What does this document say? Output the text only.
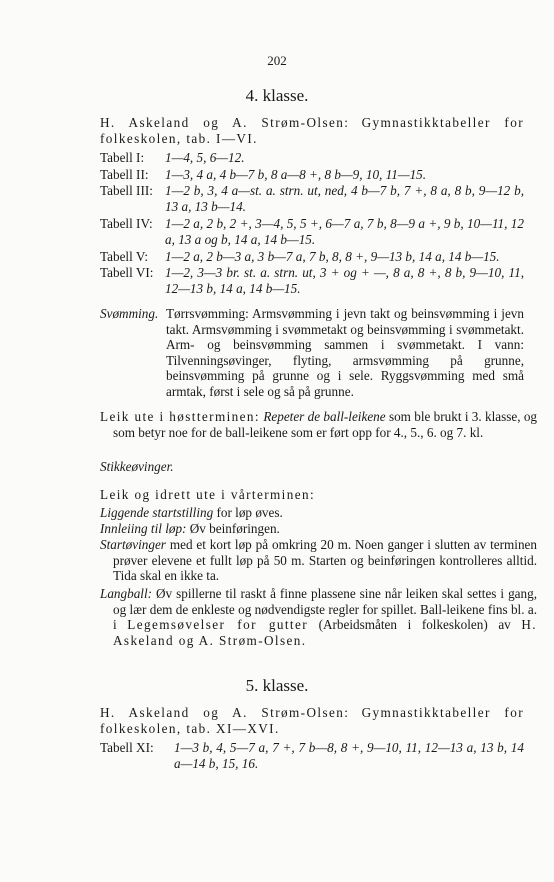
202
4. klasse.
H. Askeland og A. Strøm-Olsen: Gymnastikktabeller for folkeskolen, tab. I—VI.
Tabell I: 1—4, 5, 6—12.
Tabell II: 1—3, 4 a, 4 b—7 b, 8 a—8 +, 8 b—9, 10, 11—15.
Tabell III: 1—2 b, 3, 4 a—st. a. strn. ut, ned, 4 b—7 b, 7 +, 8 a, 8 b, 9—12 b, 13 a, 13 b—14.
Tabell IV: 1—2 a, 2 b, 2 +, 3—4, 5, 5 +, 6—7 a, 7 b, 8—9 a +, 9 b, 10—11, 12 a, 13 a og b, 14 a, 14 b—15.
Tabell V: 1—2 a, 2 b—3 a, 3 b—7 a, 7 b, 8, 8 +, 9—13 b, 14 a, 14 b—15.
Tabell VI: 1—2, 3—3 br. st. a. strn. ut, 3 + og + —, 8 a, 8 +, 8 b, 9—10, 11, 12—13 b, 14 a, 14 b—15.
Svømming. Tørrsvømming: Armsvømming i jevn takt og beinsvømming i jevn takt. Armsvømming i svømmetakt og beinsvømming i svømmetakt. Arm- og beinsvømming sammen i svømmetakt. I vann: Tilvenningsøvinger, flyting, armsvømming på grunne, beinsvømming på grunne og i sele. Ryggsvømming med små armtak, først i sele og så på grunne.
Leik ute i høstterminen: Repeter de ball-leikene som ble brukt i 3. klasse, og som betyr noe for de ball-leikene som er ført opp for 4., 5., 6. og 7. kl.
Stikkeøvinger.
Leik og idrett ute i vårterminen:
Liggende startstilling for løp øves.
Innleiing til løp: Øv beinføringen.
Startøvinger med et kort løp på omkring 20 m. Noen ganger i slutten av terminen prøver elevene et fullt løp på 50 m. Starten og beinføringen kontrolleres alltid. Tida skal en ikke ta.
Langball: Øv spillerne til raskt å finne plassene sine når leiken skal settes i gang, og lær dem de enkleste og nødvendigste regler for spillet. Ball-leikene fins bl. a. i Legemsøvelser for gutter (Arbeidsmåten i folkeskolen) av H. Askeland og A. Strøm-Olsen.
5. klasse.
H. Askeland og A. Strøm-Olsen: Gymnastikktabeller for folkeskolen, tab. XI—XVI.
Tabell XI: 1—3 b, 4, 5—7 a, 7 +, 7 b—8, 8 +, 9—10, 11, 12—13 a, 13 b, 14 a—14 b, 15, 16.
